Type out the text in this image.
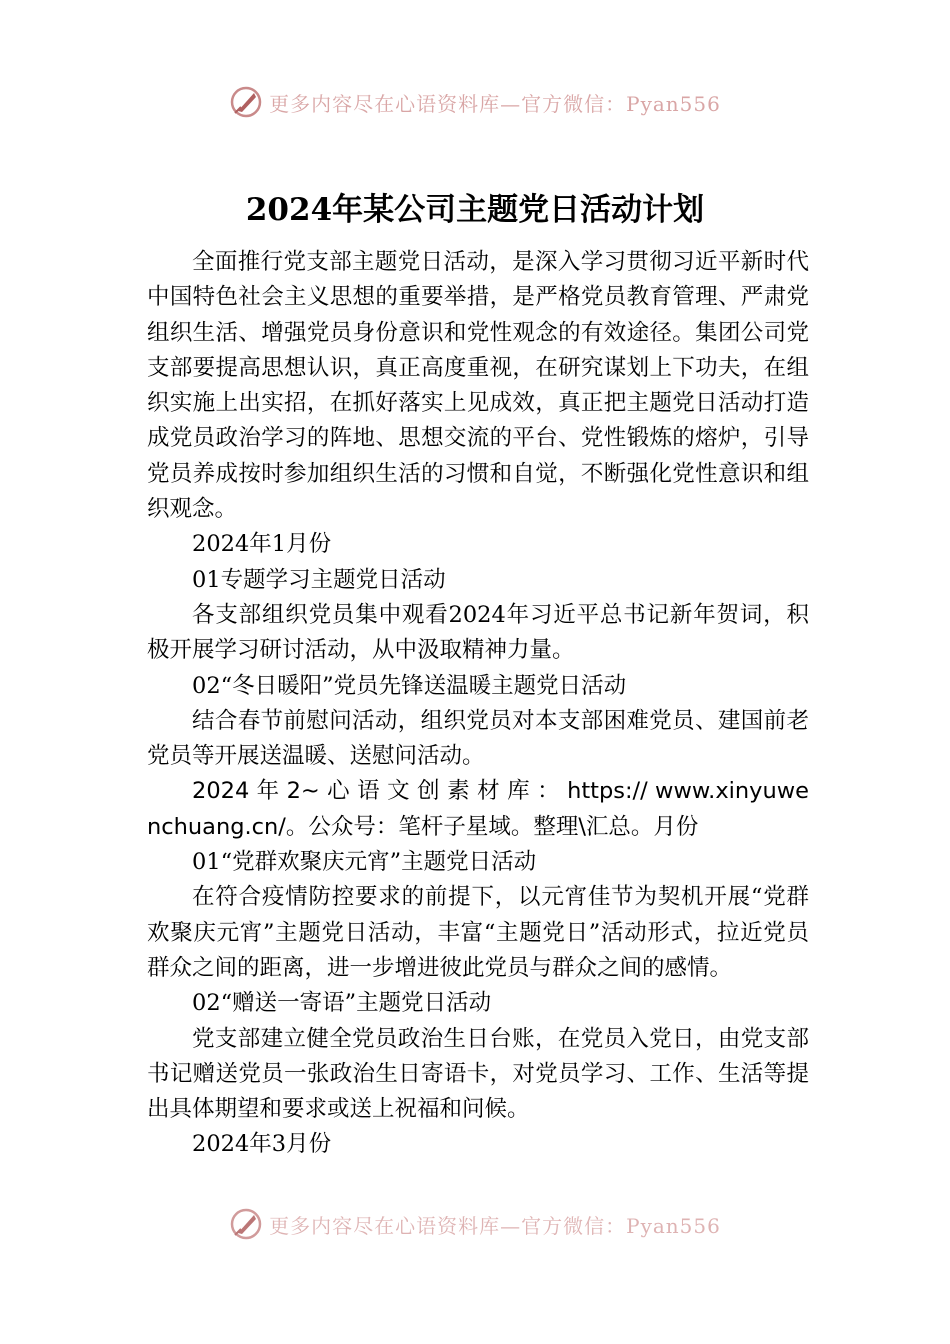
更多内容尽在心语资料库—官方微信：Pyan556
2024年某公司主题党日活动计划

全面推行党支部主题党日活动，是深入学习贯彻习近平新时代中国特色社会主义思想的重要举措，是严格党员教育管理、严肃党组织生活、增强党员身份意识和党性观念的有效途径。集团公司党支部要提高思想认识，真正高度重视，在研究谋划上下功夫，在组织实施上出实招，在抓好落实上见成效，真正把主题党日活动打造成党员政治学习的阵地、思想交流的平台、党性锻炼的熔炉，引导党员养成按时参加组织生活的习惯和自觉，不断强化党性意识和组织观念。

2024年1月份

01专题学习主题党日活动

各支部组织党员集中观看2024年习近平总书记新年贺词，积极开展学习研讨活动，从中汲取精神力量。

02“冬日暖阳”党员先锋送温暖主题党日活动

结合春节前慰问活动，组织党员对本支部困难党员、建国前老党员等开展送温暖、送慰问活动。

2024 年 2~ 心 语 文 创 素 材 库 ： https:// www.xinyuwenchuang.cn/。公众号：笔杆子星域。整理\汇总。月份

01“党群欢聚庆元宵”主题党日活动

在符合疫情防控要求的前提下，以元宵佳节为契机开展“党群欢聚庆元宵”主题党日活动，丰富“主题党日”活动形式，拉近党员群众之间的距离，进一步增进彼此党员与群众之间的感情。

02“赠送一寄语”主题党日活动

党支部建立健全党员政治生日台账，在党员入党日，由党支部书记赠送党员一张政治生日寄语卡，对党员学习、工作、生活等提出具体期望和要求或送上祝福和问候。

2024年3月份

更多内容尽在心语资料库—官方微信：Pyan556
